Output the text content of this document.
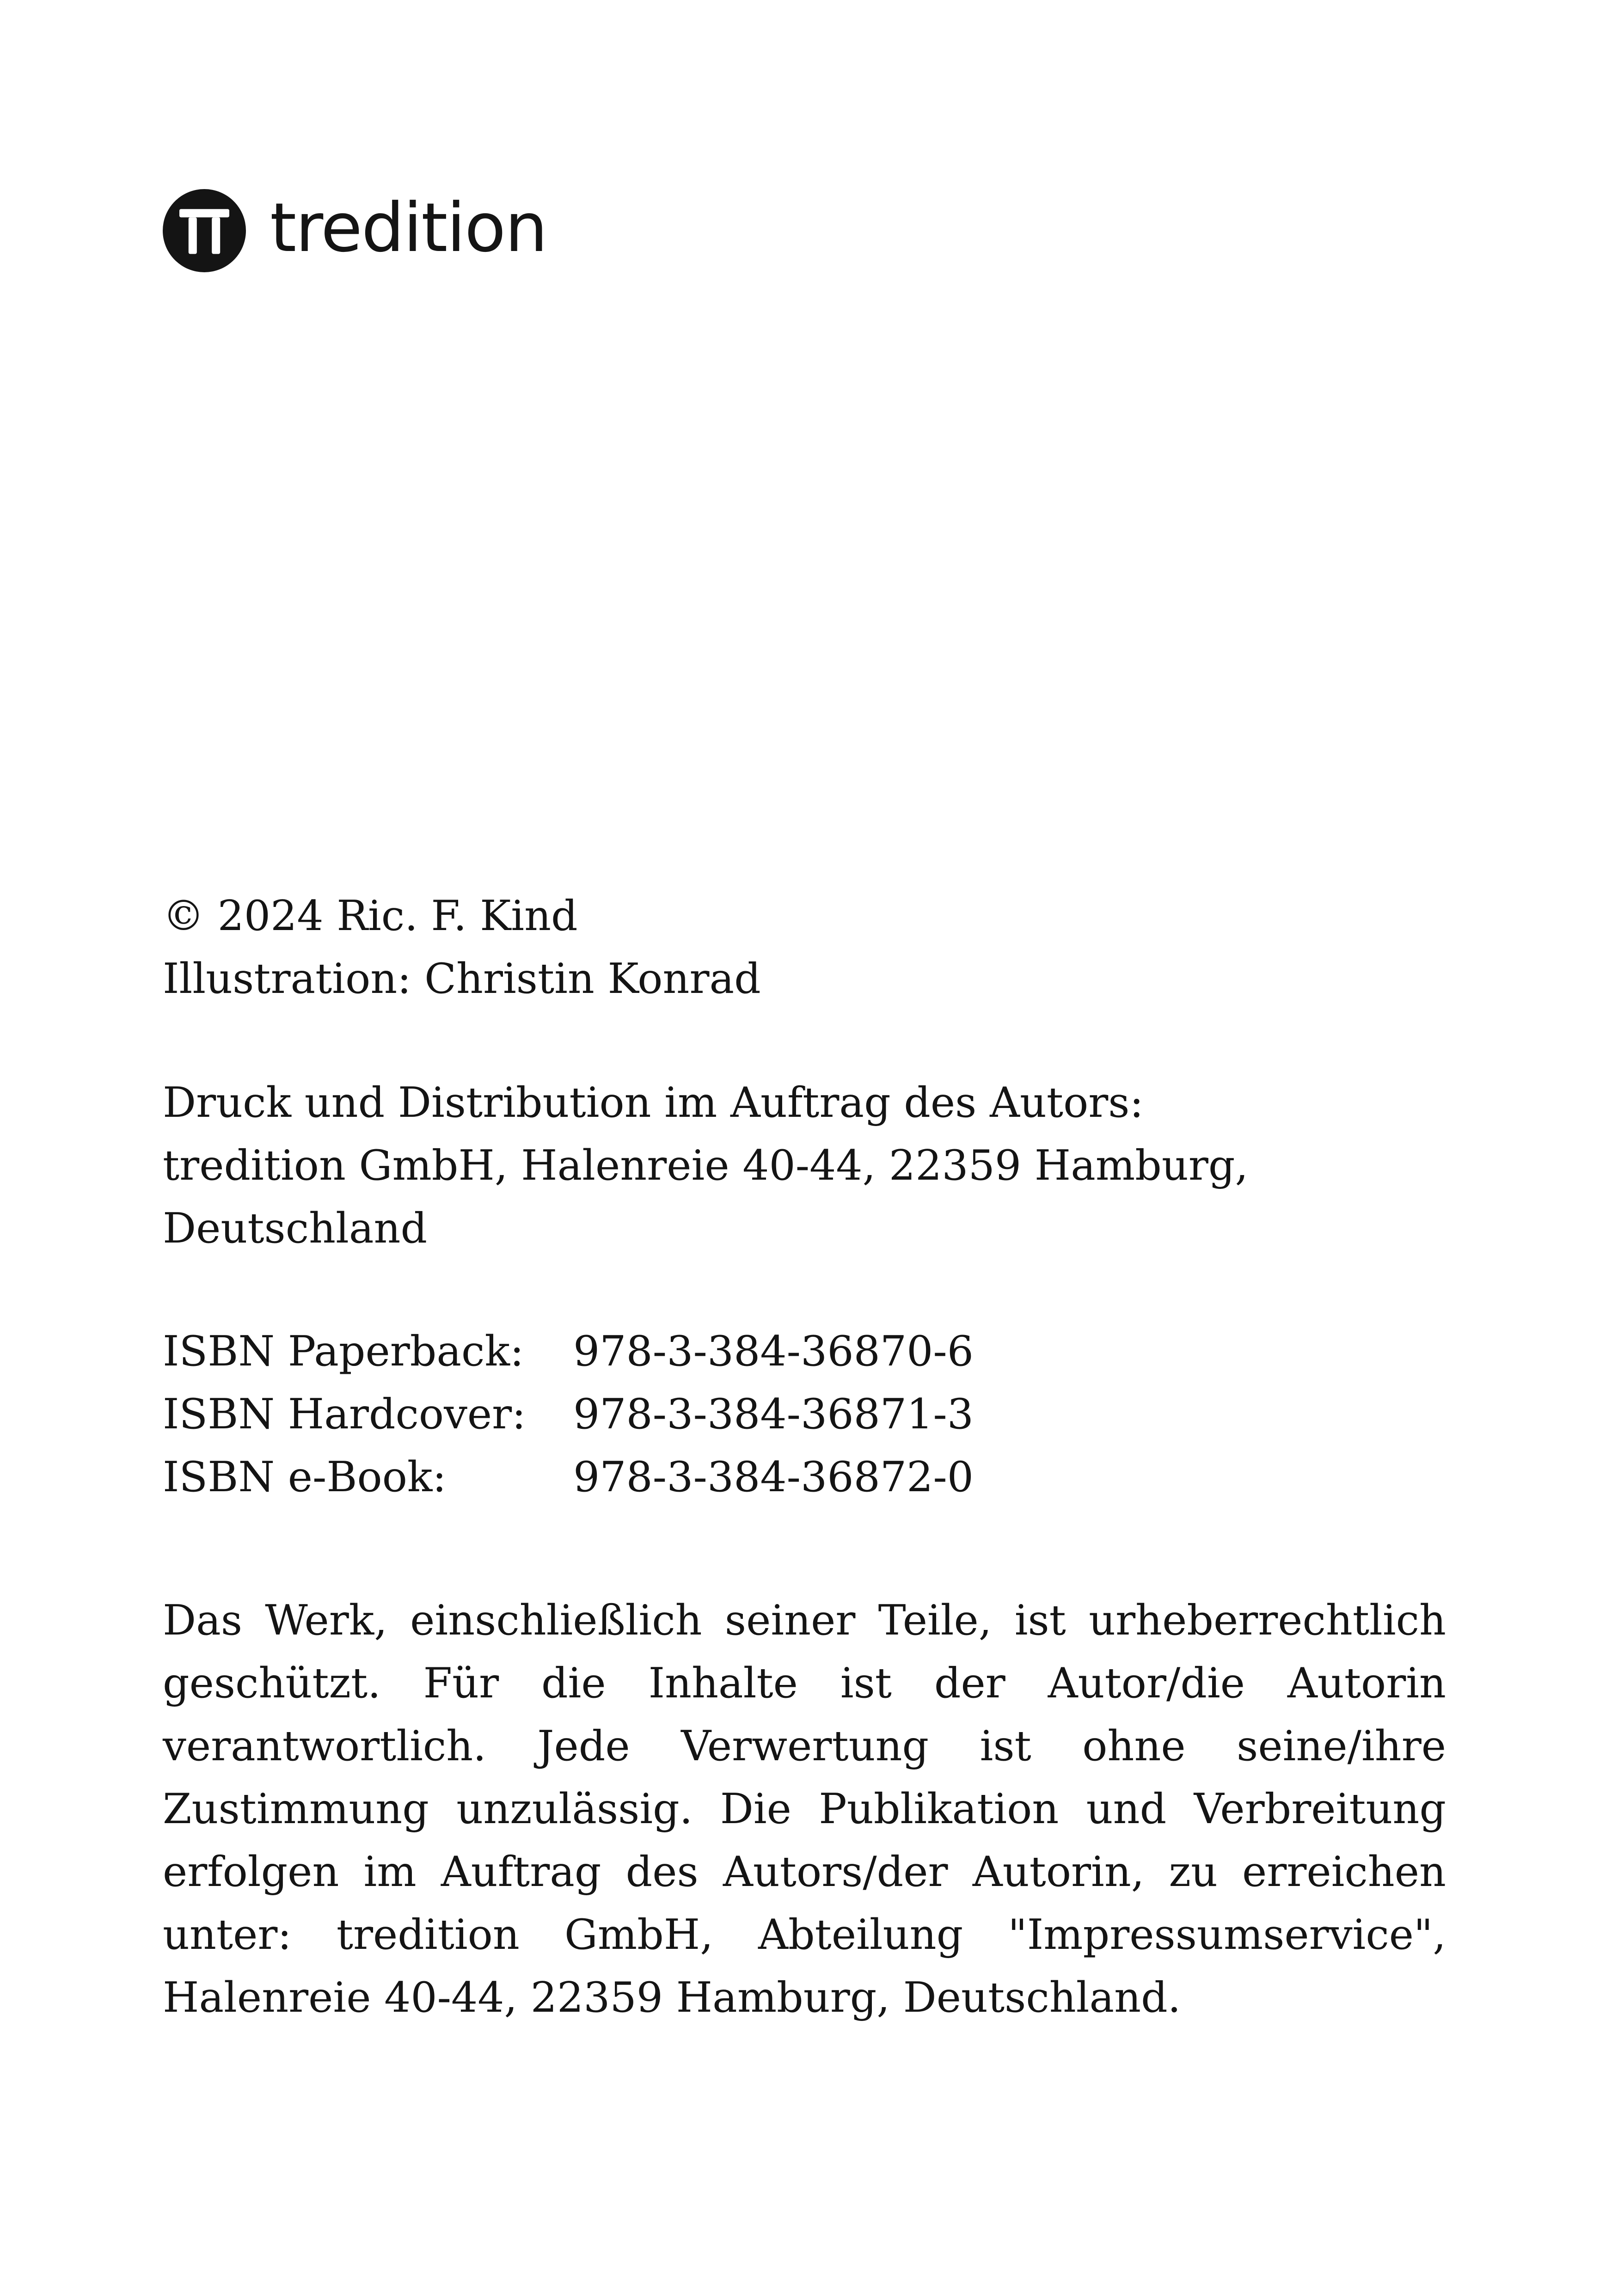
tredition
© 2024 Ric. F. Kind
Illustration: Christin Konrad
Druck und Distribution im Auftrag des Autors:
tredition GmbH, Halenreie 40-44, 22359 Hamburg,
Deutschland
ISBN Paperback:	978-3-384-36870-6
ISBN Hardcover:	978-3-384-36871-3
ISBN e-Book:	978-3-384-36872-0
Das Werk, einschließlich seiner Teile, ist urheberrechtlich
geschützt. Für die Inhalte ist der Autor/die Autorin
verantwortlich. Jede Verwertung ist ohne seine/ihre
Zustimmung unzulässig. Die Publikation und Verbreitung
erfolgen im Auftrag des Autors/der Autorin, zu erreichen
unter: tredition GmbH, Abteilung "Impressumservice",
Halenreie 40-44, 22359 Hamburg, Deutschland.
